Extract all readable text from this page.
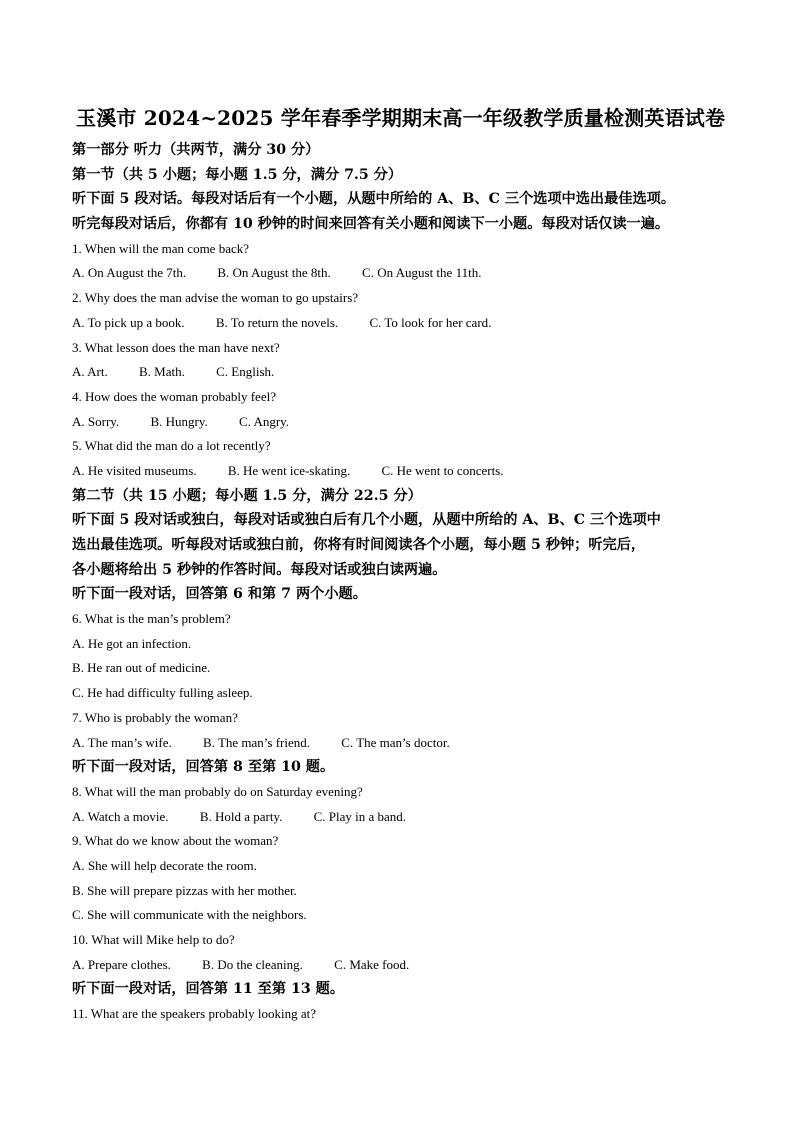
玉溪市 2024~2025 学年春季学期期末高一年级教学质量检测英语试卷
第一部分 听力（共两节，满分 30 分）
第一节（共 5 小题；每小题 1.5 分，满分 7.5 分）
听下面 5 段对话。每段对话后有一个小题，从题中所给的 A、B、C 三个选项中选出最佳选项。
听完每段对话后，你都有 10 秒钟的时间来回答有关小题和阅读下一小题。每段对话仅读一遍。
1. When will the man come back?
A. On August the 7th. B. On August the 8th. C. On August the 11th.
2. Why does the man advise the woman to go upstairs?
A. To pick up a book. B. To return the novels. C. To look for her card.
3. What lesson does the man have next?
A. Art. B. Math. C. English.
4. How does the woman probably feel?
A. Sorry. B. Hungry. C. Angry.
5. What did the man do a lot recently?
A. He visited museums. B. He went ice-skating. C. He went to concerts.
第二节（共 15 小题；每小题 1.5 分，满分 22.5 分）
听下面 5 段对话或独白，每段对话或独白后有几个小题，从题中所给的 A、B、C 三个选项中
选出最佳选项。听每段对话或独白前，你将有时间阅读各个小题，每小题 5 秒钟；听完后，
各小题将给出 5 秒钟的作答时间。每段对话或独白读两遍。
听下面一段对话，回答第 6 和第 7 两个小题。
6. What is the man’s problem?
A. He got an infection.
B. He ran out of medicine.
C. He had difficulty fulling asleep.
7. Who is probably the woman?
A. The man’s wife. B. The man’s friend. C. The man’s doctor.
听下面一段对话，回答第 8 至第 10 题。
8. What will the man probably do on Saturday evening?
A. Watch a movie. B. Hold a party. C. Play in a band.
9. What do we know about the woman?
A. She will help decorate the room.
B. She will prepare pizzas with her mother.
C. She will communicate with the neighbors.
10. What will Mike help to do?
A. Prepare clothes. B. Do the cleaning. C. Make food.
听下面一段对话，回答第 11 至第 13 题。
11. What are the speakers probably looking at?
